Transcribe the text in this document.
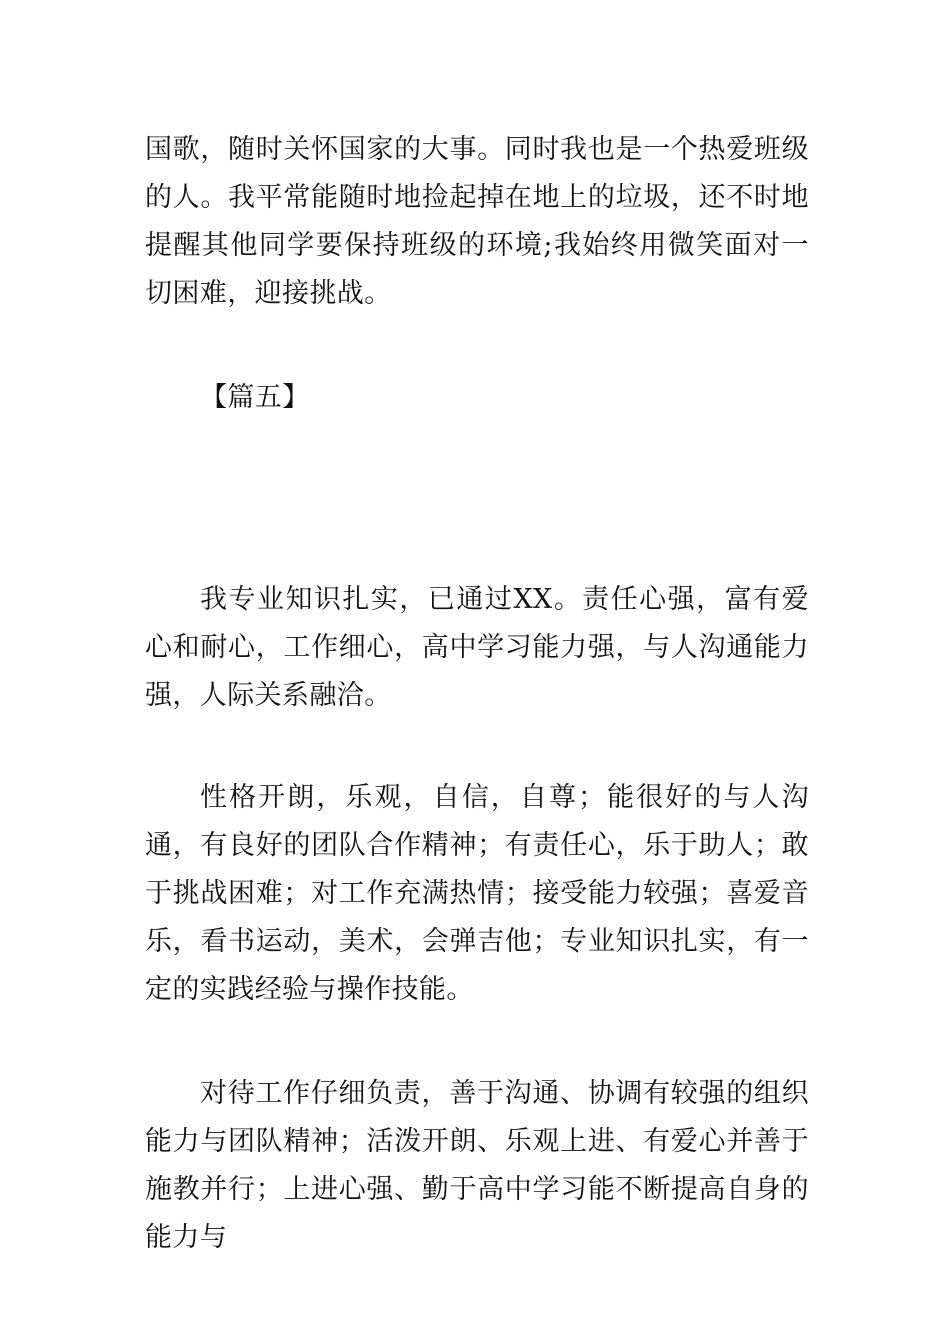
国歌，随时关怀国家的大事。同时我也是一个热爱班级的人。我平常能随时地捡起掉在地上的垃圾，还不时地提醒其他同学要保持班级的环境;我始终用微笑面对一切困难，迎接挑战。

【篇五】

我专业知识扎实，已通过XX。责任心强，富有爱心和耐心，工作细心，高中学习能力强，与人沟通能力强，人际关系融洽。

性格开朗，乐观，自信，自尊；能很好的与人沟通，有良好的团队合作精神；有责任心，乐于助人；敢于挑战困难；对工作充满热情；接受能力较强；喜爱音乐，看书运动，美术，会弹吉他；专业知识扎实，有一定的实践经验与操作技能。

对待工作仔细负责，善于沟通、协调有较强的组织能力与团队精神；活泼开朗、乐观上进、有爱心并善于施教并行；上进心强、勤于高中学习能不断提高自身的能力与
